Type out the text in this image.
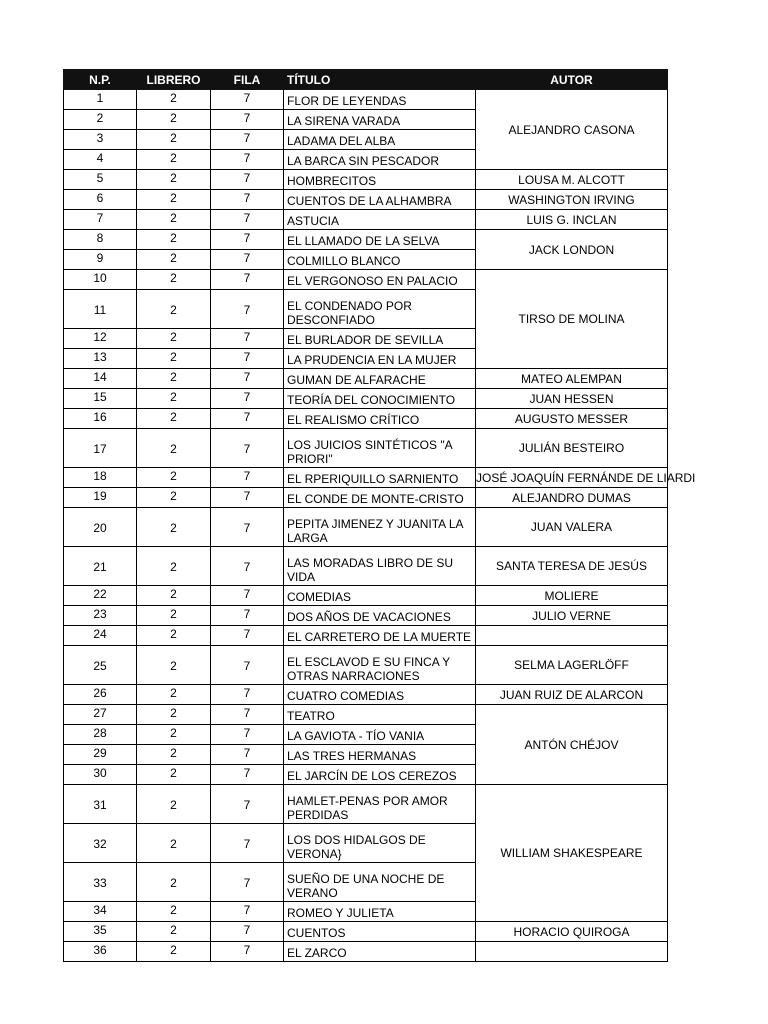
N.P.	LIBRERO	FILA	TÍTULO	AUTOR
1	2	7	FLOR DE LEYENDAS	ALEJANDRO CASONA
2	2	7	LA SIRENA VARADA	
3	2	7	LADAMA DEL ALBA	
4	2	7	LA BARCA SIN PESCADOR	
5	2	7	HOMBRECITOS	LOUSA M. ALCOTT
6	2	7	CUENTOS DE LA ALHAMBRA	WASHINGTON IRVING
7	2	7	ASTUCIA	LUIS G. INCLAN
8	2	7	EL LLAMADO DE LA SELVA	JACK LONDON
9	2	7	COLMILLO BLANCO	
10	2	7	EL VERGONOSO EN PALACIO	TIRSO DE MOLINA
11	2	7	EL CONDENADO POR DESCONFIADO	
12	2	7	EL BURLADOR DE SEVILLA	
13	2	7	LA PRUDENCIA EN LA MUJER	
14	2	7	GUMAN DE ALFARACHE	MATEO ALEMPAN
15	2	7	TEORÍA DEL CONOCIMIENTO	JUAN HESSEN
16	2	7	EL REALISMO CRÍTICO	AUGUSTO MESSER
17	2	7	LOS JUICIOS SINTÉTICOS "A PRIORI"	JULIÁN BESTEIRO
18	2	7	EL RPERIQUILLO SARNIENTO	JOSÉ JOAQUÍN FERNÁNDE DE LIARDI
19	2	7	EL CONDE DE MONTE-CRISTO	ALEJANDRO DUMAS
20	2	7	PEPITA JIMENEZ Y JUANITA LA LARGA	JUAN VALERA
21	2	7	LAS MORADAS LIBRO DE SU VIDA	SANTA TERESA DE JESÚS
22	2	7	COMEDIAS	MOLIERE
23	2	7	DOS AÑOS DE VACACIONES	JULIO VERNE
24	2	7	EL CARRETERO DE LA MUERTE	
25	2	7	EL ESCLAVOD E SU FINCA Y OTRAS NARRACIONES	SELMA LAGERLÖFF
26	2	7	CUATRO COMEDIAS	JUAN RUIZ DE ALARCON
27	2	7	TEATRO	ANTÓN CHÉJOV
28	2	7	LA GAVIOTA - TÍO VANIA	
29	2	7	LAS TRES HERMANAS	
30	2	7	EL JARCÍN DE LOS CEREZOS	
31	2	7	HAMLET-PENAS POR AMOR PERDIDAS	WILLIAM SHAKESPEARE
32	2	7	LOS DOS HIDALGOS DE VERONA}	
33	2	7	SUEÑO DE UNA NOCHE DE VERANO	
34	2	7	ROMEO Y JULIETA	
35	2	7	CUENTOS	HORACIO QUIROGA
36	2	7	EL ZARCO	
